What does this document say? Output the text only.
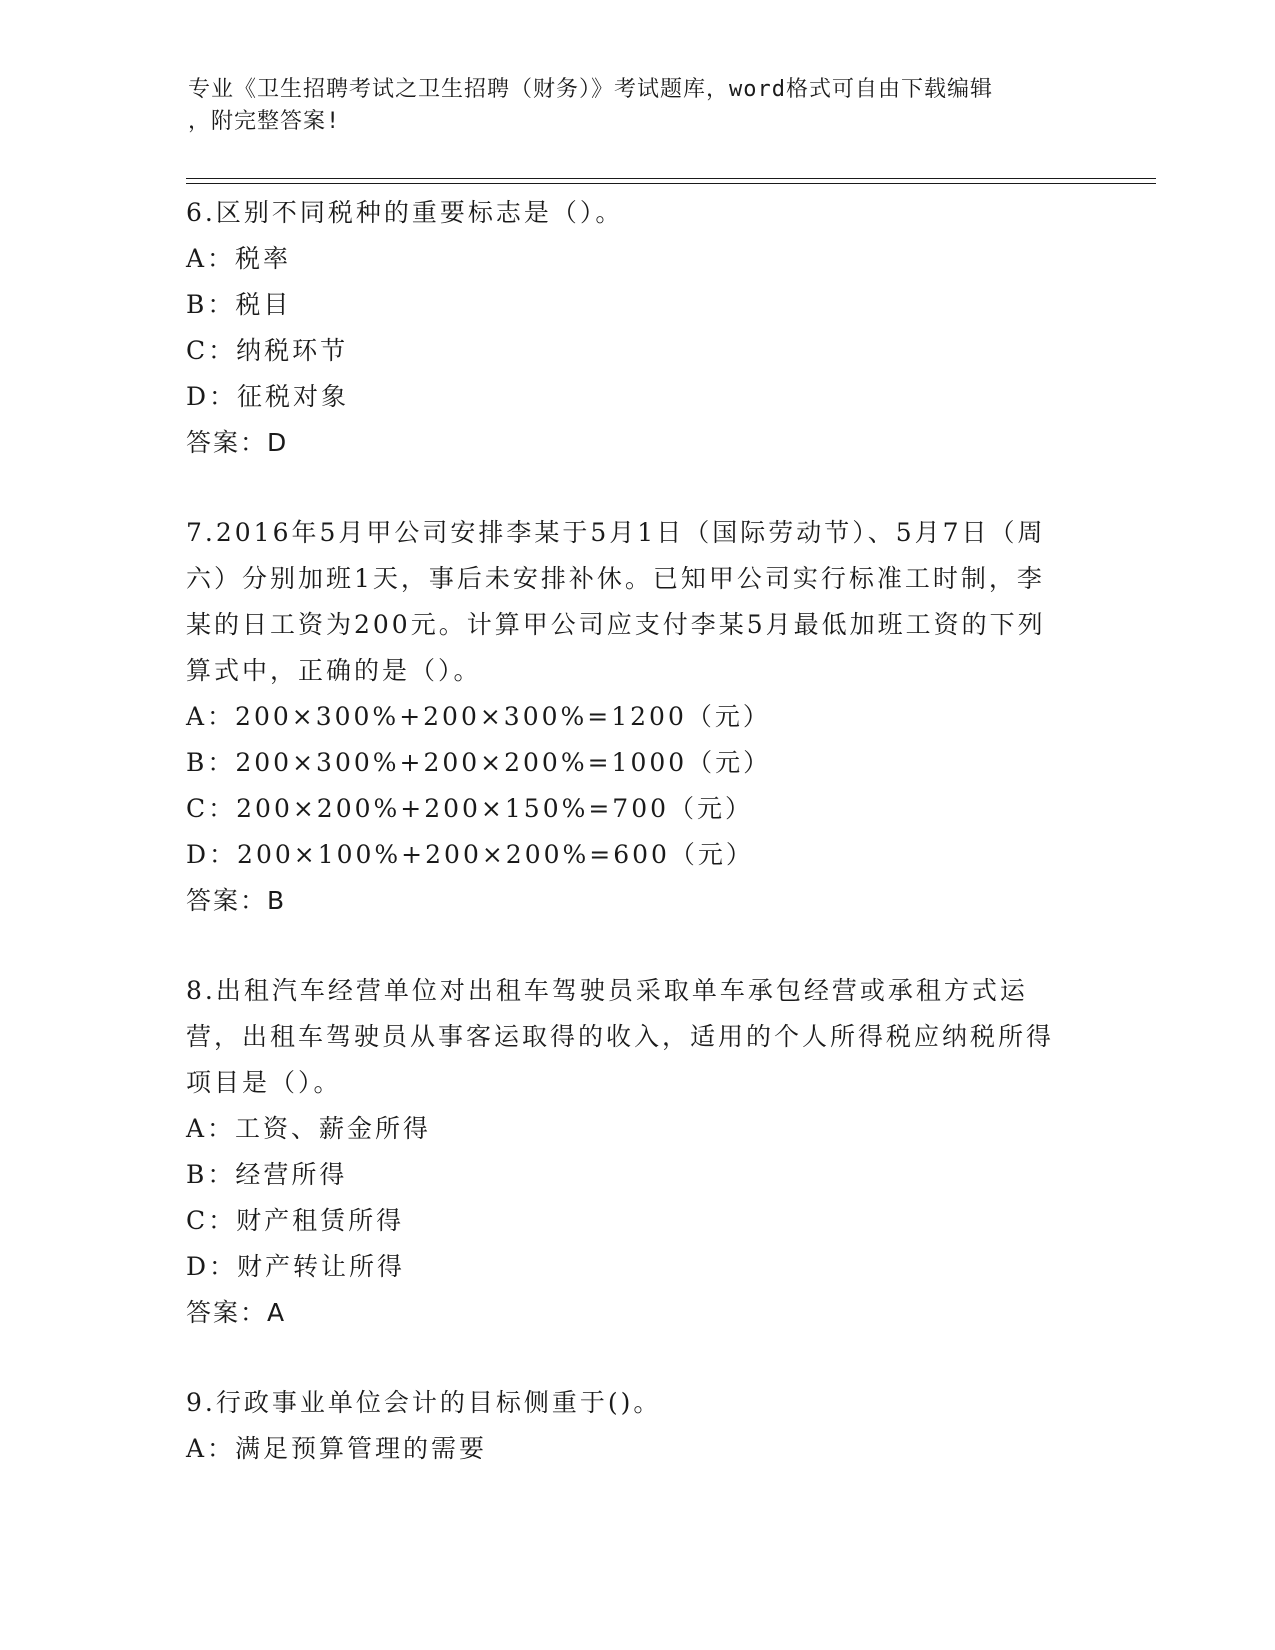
专业《卫生招聘考试之卫生招聘（财务）》考试题库，word格式可自由下载编辑
，附完整答案!

6.区别不同税种的重要标志是（）。

A：税率

B：税目

C：纳税环节

D：征税对象

答案：D

7.2016年5月甲公司安排李某于5月1日（国际劳动节）、5月7日（周六）分别加班1天，事后未安排补休。已知甲公司实行标准工时制，李某的日工资为200元。计算甲公司应支付李某5月最低加班工资的下列算式中，正确的是（）。

A：200×300%+200×300%=1200（元）

B：200×300%+200×200%=1000（元）

C：200×200%+200×150%=700（元）

D：200×100%+200×200%=600（元）

答案：B

8.出租汽车经营单位对出租车驾驶员采取单车承包经营或承租方式运营，出租车驾驶员从事客运取得的收入，适用的个人所得税应纳税所得项目是（）。

A：工资、薪金所得

B：经营所得

C：财产租赁所得

D：财产转让所得

答案：A

9.行政事业单位会计的目标侧重于()。

A：满足预算管理的需要
